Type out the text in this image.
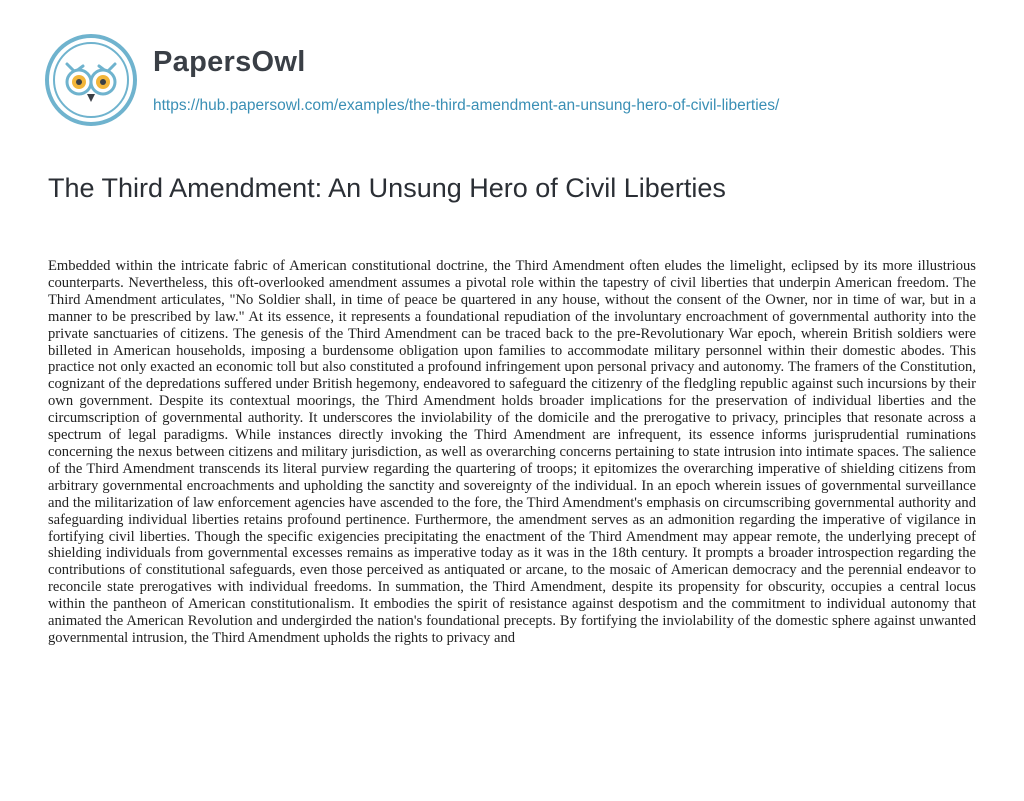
PapersOwl
https://hub.papersowl.com/examples/the-third-amendment-an-unsung-hero-of-civil-liberties/
The Third Amendment: An Unsung Hero of Civil Liberties

Embedded within the intricate fabric of American constitutional doctrine, the Third Amendment often eludes the limelight, eclipsed by its more illustrious counterparts. Nevertheless, this oft-overlooked amendment assumes a pivotal role within the tapestry of civil liberties that underpin American freedom. The Third Amendment articulates, "No Soldier shall, in time of peace be quartered in any house, without the consent of the Owner, nor in time of war, but in a manner to be prescribed by law." At its essence, it represents a foundational repudiation of the involuntary encroachment of governmental authority into the private sanctuaries of citizens. The genesis of the Third Amendment can be traced back to the pre-Revolutionary War epoch, wherein British soldiers were billeted in American households, imposing a burdensome obligation upon families to accommodate military personnel within their domestic abodes. This practice not only exacted an economic toll but also constituted a profound infringement upon personal privacy and autonomy. The framers of the Constitution, cognizant of the depredations suffered under British hegemony, endeavored to safeguard the citizenry of the fledgling republic against such incursions by their own government. Despite its contextual moorings, the Third Amendment holds broader implications for the preservation of individual liberties and the circumscription of governmental authority. It underscores the inviolability of the domicile and the prerogative to privacy, principles that resonate across a spectrum of legal paradigms. While instances directly invoking the Third Amendment are infrequent, its essence informs jurisprudential ruminations concerning the nexus between citizens and military jurisdiction, as well as overarching concerns pertaining to state intrusion into intimate spaces. The salience of the Third Amendment transcends its literal purview regarding the quartering of troops; it epitomizes the overarching imperative of shielding citizens from arbitrary governmental encroachments and upholding the sanctity and sovereignty of the individual. In an epoch wherein issues of governmental surveillance and the militarization of law enforcement agencies have ascended to the fore, the Third Amendment's emphasis on circumscribing governmental authority and safeguarding individual liberties retains profound pertinence. Furthermore, the amendment serves as an admonition regarding the imperative of vigilance in fortifying civil liberties. Though the specific exigencies precipitating the enactment of the Third Amendment may appear remote, the underlying precept of shielding individuals from governmental excesses remains as imperative today as it was in the 18th century. It prompts a broader introspection regarding the contributions of constitutional safeguards, even those perceived as antiquated or arcane, to the mosaic of American democracy and the perennial endeavor to reconcile state prerogatives with individual freedoms. In summation, the Third Amendment, despite its propensity for obscurity, occupies a central locus within the pantheon of American constitutionalism. It embodies the spirit of resistance against despotism and the commitment to individual autonomy that animated the American Revolution and undergirded the nation's foundational precepts. By fortifying the inviolability of the domestic sphere against unwanted governmental intrusion, the Third Amendment upholds the rights to privacy and
